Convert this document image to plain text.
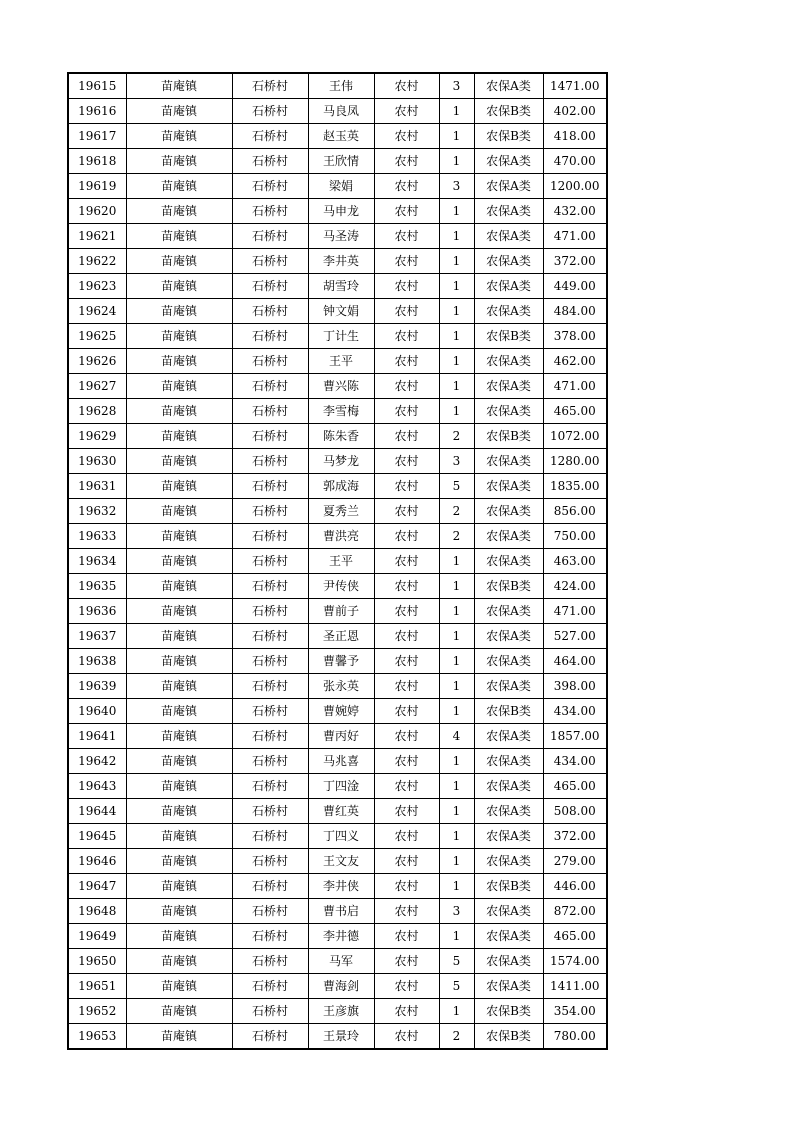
19615	苗庵镇	石桥村	王伟	农村	3	农保A类	1471.00
19616	苗庵镇	石桥村	马良凤	农村	1	农保B类	402.00
19617	苗庵镇	石桥村	赵玉英	农村	1	农保B类	418.00
19618	苗庵镇	石桥村	王欣情	农村	1	农保A类	470.00
19619	苗庵镇	石桥村	梁娟	农村	3	农保A类	1200.00
19620	苗庵镇	石桥村	马申龙	农村	1	农保A类	432.00
19621	苗庵镇	石桥村	马圣涛	农村	1	农保A类	471.00
19622	苗庵镇	石桥村	李井英	农村	1	农保A类	372.00
19623	苗庵镇	石桥村	胡雪玲	农村	1	农保A类	449.00
19624	苗庵镇	石桥村	钟文娟	农村	1	农保A类	484.00
19625	苗庵镇	石桥村	丁计生	农村	1	农保B类	378.00
19626	苗庵镇	石桥村	王平	农村	1	农保A类	462.00
19627	苗庵镇	石桥村	曹兴陈	农村	1	农保A类	471.00
19628	苗庵镇	石桥村	李雪梅	农村	1	农保A类	465.00
19629	苗庵镇	石桥村	陈朱香	农村	2	农保B类	1072.00
19630	苗庵镇	石桥村	马梦龙	农村	3	农保A类	1280.00
19631	苗庵镇	石桥村	郭成海	农村	5	农保A类	1835.00
19632	苗庵镇	石桥村	夏秀兰	农村	2	农保A类	856.00
19633	苗庵镇	石桥村	曹洪亮	农村	2	农保A类	750.00
19634	苗庵镇	石桥村	王平	农村	1	农保A类	463.00
19635	苗庵镇	石桥村	尹传侠	农村	1	农保B类	424.00
19636	苗庵镇	石桥村	曹前子	农村	1	农保A类	471.00
19637	苗庵镇	石桥村	圣正恩	农村	1	农保A类	527.00
19638	苗庵镇	石桥村	曹馨予	农村	1	农保A类	464.00
19639	苗庵镇	石桥村	张永英	农村	1	农保A类	398.00
19640	苗庵镇	石桥村	曹婉婷	农村	1	农保B类	434.00
19641	苗庵镇	石桥村	曹丙好	农村	4	农保A类	1857.00
19642	苗庵镇	石桥村	马兆喜	农村	1	农保A类	434.00
19643	苗庵镇	石桥村	丁四淦	农村	1	农保A类	465.00
19644	苗庵镇	石桥村	曹红英	农村	1	农保A类	508.00
19645	苗庵镇	石桥村	丁四义	农村	1	农保A类	372.00
19646	苗庵镇	石桥村	王文友	农村	1	农保A类	279.00
19647	苗庵镇	石桥村	李井侠	农村	1	农保B类	446.00
19648	苗庵镇	石桥村	曹书启	农村	3	农保A类	872.00
19649	苗庵镇	石桥村	李井德	农村	1	农保A类	465.00
19650	苗庵镇	石桥村	马军	农村	5	农保A类	1574.00
19651	苗庵镇	石桥村	曹海剑	农村	5	农保A类	1411.00
19652	苗庵镇	石桥村	王彦旗	农村	1	农保B类	354.00
19653	苗庵镇	石桥村	王景玲	农村	2	农保B类	780.00
